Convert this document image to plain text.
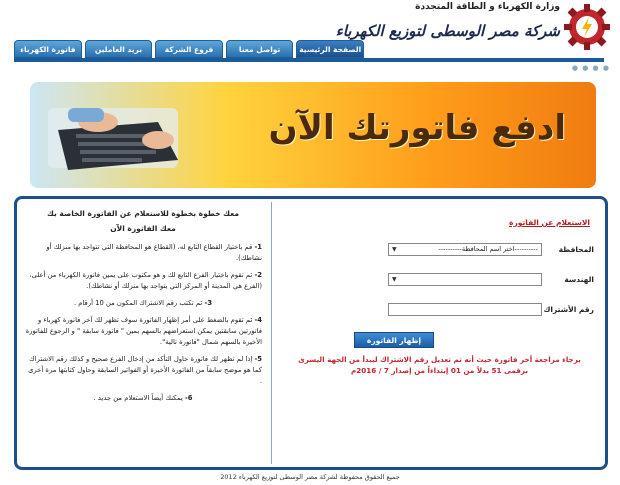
وزارة الكهرباء و الطاقة المتجددة
شركة مصر الوسطى لتوزيع الكهرباء
الصفحة الرئيسية
تواصل معنا
فروع الشركة
بريد العاملين
فاتورة الكهرباء
● ● ● ●
ادفع فاتورتك الآن
معك خطوة بخطوة للاستعلام عن الفاتورة الخاصة بك
معك الفاتورة الآن
1- قم باختيار القطاع التابع له، (القطاع هو المحافظة التي تتواجد بها منزلك أو نشاطك).
2- ثم تقوم باختيار الفرع التابع لك و هو مكتوب على يمين فاتورة الكهرباء من أعلى، (الفرع هي المدينة أو المركز التي يتواجد بها منزلك أو نشاطك).
3- ثم تكتب رقم الاشتراك المكون من 10 أرقام .
4- ثم تقوم بالضغط على أمر إظهار الفاتورة سوف تظهر لك آخر فاتورة كهرباء و فاتورتين سابقتين يمكن استعراضهم بالسهم يمين " فاتورة سابقة " و الرجوع للفاتورة الأخيرة بالسهم شمال "فاتورة تالية".
5- إذا لم تظهر لك فاتورة حاول التأكد من إدخال الفرع صحيح و كذلك رقم الاشتراك كما هو موضح سابقاً من الفاتورة الأخيرة أو الفواتير السابقة وحاول كتابتها مرة أخرى .
6- يمكنك أيضاً الاستعلام من جديد .
الاستعلام عن الفاتورة
المحافظة
----------اختر اسم المحافظة----------
▼
الهندسة
▼
رقم الأشتراك
إظهار الفاتورة
برجاء مراجعة أخر فاتورة حيث أنه تم تعديل رقم الاشتراك ليبدأ من الجهة اليسرى
برقمى 51 بدلاً من 01 إبتداءاً من إصدار 7 / 2016م
جميع الحقوق محفوظة لشركة مصر الوسطى لتوزيع الكهرباء 2012
